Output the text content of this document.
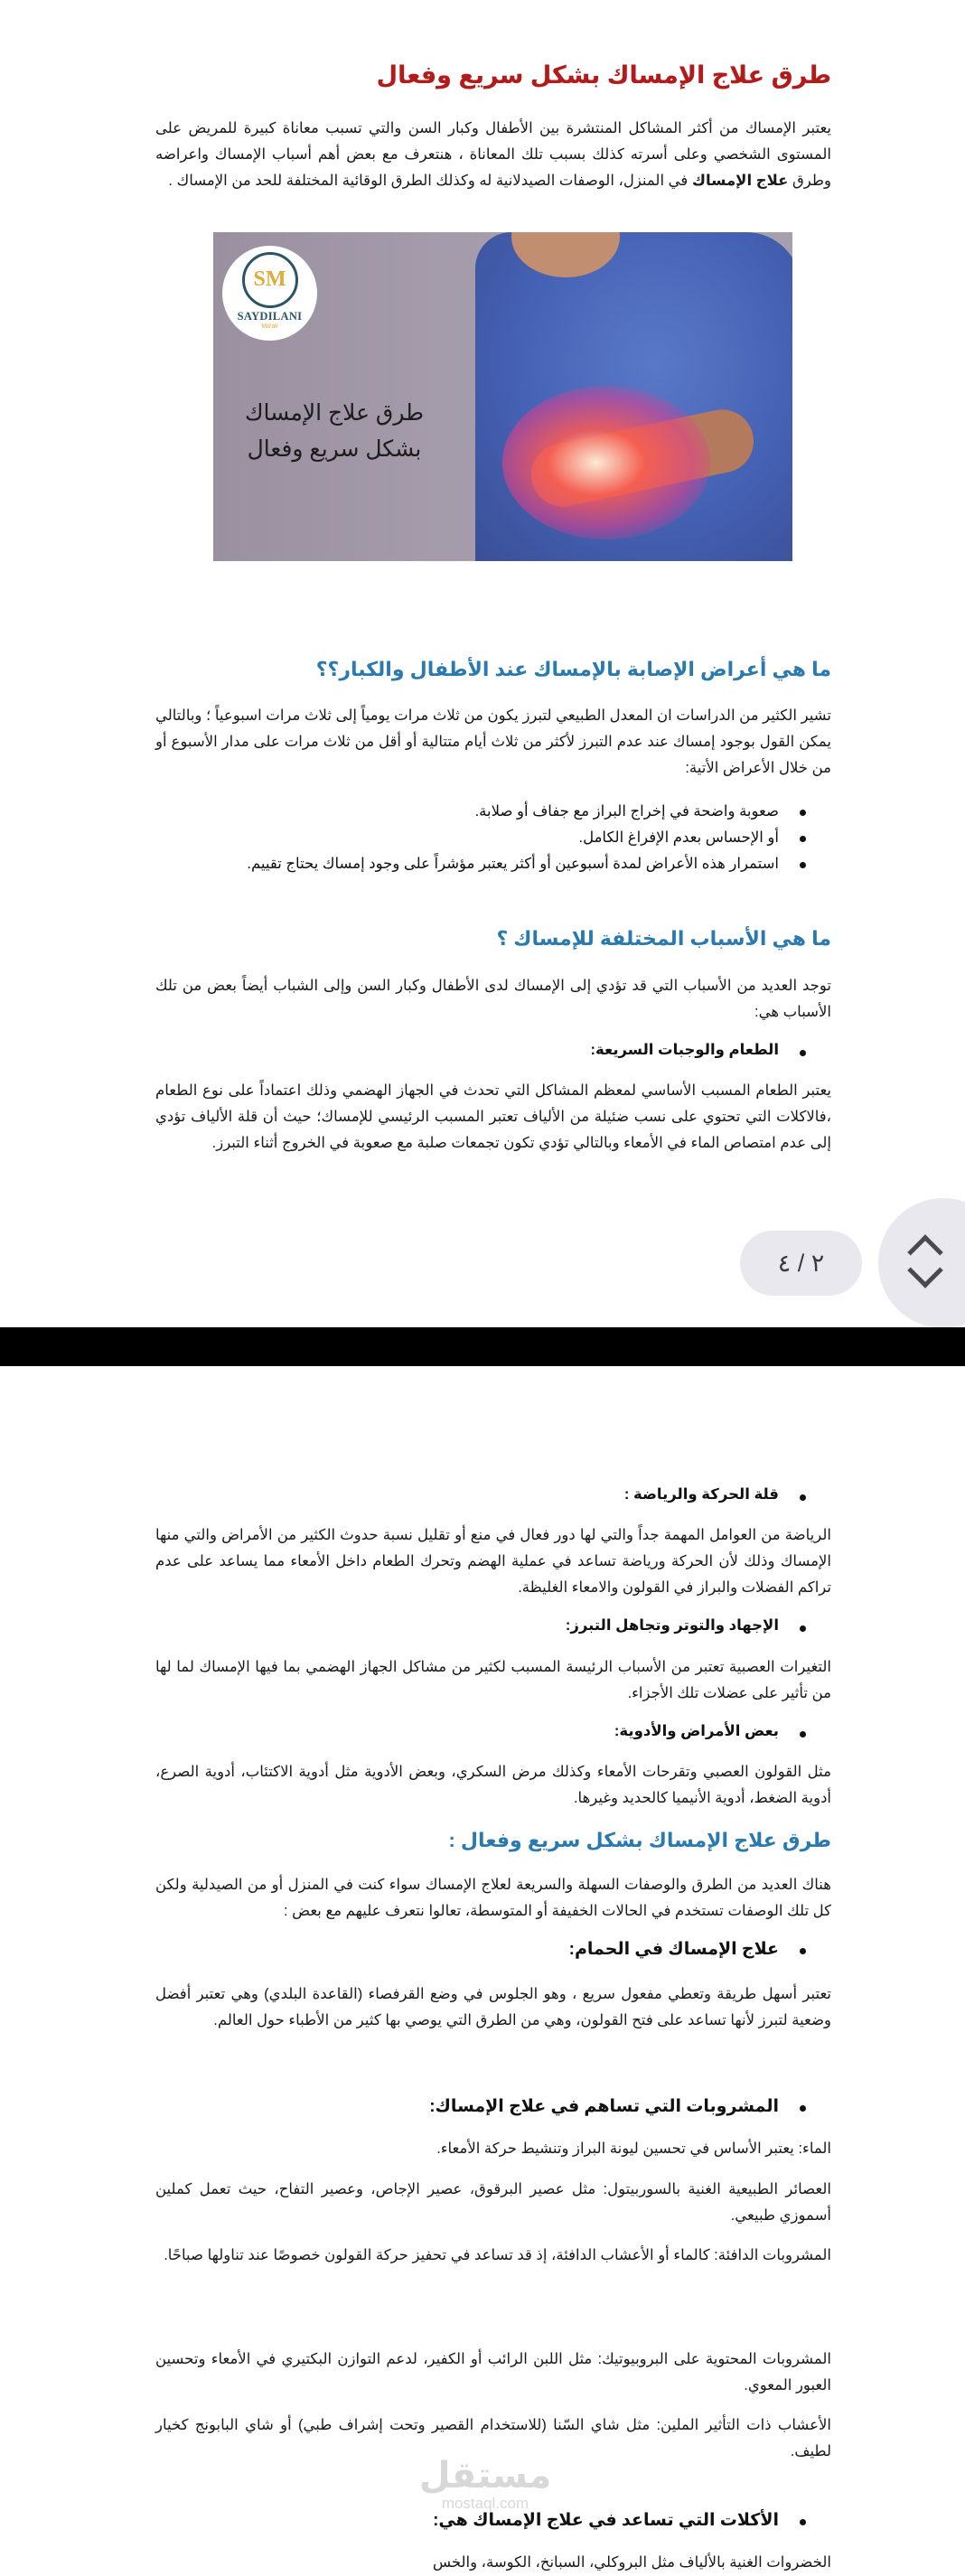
طرق علاج الإمساك بشكل سريع وفعال

يعتبر الإمساك من أكثر المشاكل المنتشرة بين الأطفال وكبار السن والتي تسبب معاناة كبيرة للمريض على المستوى الشخصي وعلى أسرته كذلك بسبب تلك المعاناة ، هنتعرف مع بعض أهم أسباب الإمساك واعراضه وطرق علاج الإمساك في المنزل، الوصفات الصيدلانية له وكذلك الطرق الوقائية المختلفة للحد من الإمساك .

SM
SAYDILANI
Ma'ak
طرق علاج الإمساك بشكل سريع وفعال
ما هي أعراض الإصابة بالإمساك عند الأطفال والكبار؟؟

تشير الكثير من الدراسات ان المعدل الطبيعي لتبرز يكون من ثلاث مرات يومياً إلى ثلاث مرات اسبوعياً ؛ وبالتالي يمكن القول بوجود إمساك عند عدم التبرز لأكثر من ثلاث أيام متتالية أو أقل من ثلاث مرات على مدار الأسبوع أو من خلال الأعراض الأتية:

صعوبة واضحة في إخراج البراز مع جفاف أو صلابة.
أو الإحساس بعدم الإفراغ الكامل.
استمرار هذه الأعراض لمدة أسبوعين أو أكثر يعتبر مؤشراً على وجود إمساك يحتاج تقييم.
ما هي الأسباب المختلفة للإمساك ؟

توجد العديد من الأسباب التي قد تؤدي إلى الإمساك لدى الأطفال وكبار السن وإلى الشباب أيضاً بعض من تلك الأسباب هي:

الطعام والوجبات السريعة:

يعتبر الطعام المسبب الأساسي لمعظم المشاكل التي تحدث في الجهاز الهضمي وذلك اعتماداً على نوع الطعام ،فالاكلات التي تحتوي على نسب ضئيلة من الألياف تعتبر المسبب الرئيسي للإمساك؛ حيث أن قلة الألياف تؤدي إلى عدم امتصاص الماء في الأمعاء وبالتالي تؤدي تكون تجمعات صلبة مع صعوبة في الخروج أثناء التبرز.

٢ / ٤
قلة الحركة والرياضة :

الرياضة من العوامل المهمة جداً والتي لها دور فعال في منع أو تقليل نسبة حدوث الكثير من الأمراض والتي منها الإمساك وذلك لأن الحركة ورياضة تساعد في عملية الهضم وتحرك الطعام داخل الأمعاء مما يساعد على عدم تراكم الفضلات والبراز في القولون والامعاء الغليظة.

الإجهاد والتوتر وتجاهل التبرز:

التغيرات العصبية تعتبر من الأسباب الرئيسة المسبب لكثير من مشاكل الجهاز الهضمي بما فيها الإمساك لما لها من تأثير على عضلات تلك الأجزاء.

بعض الأمراض والأدوية:

مثل القولون العصبي وتقرحات الأمعاء وكذلك مرض السكري، وبعض الأدوية مثل أدوية الاكتئاب، أدوية الصرع، أدوية الضغط، أدوية الأنيميا كالحديد وغيرها.

طرق علاج الإمساك بشكل سريع وفعال :

هناك العديد من الطرق والوصفات السهلة والسريعة لعلاج الإمساك سواء كنت في المنزل أو من الصيدلية ولكن كل تلك الوصفات تستخدم في الحالات الخفيفة أو المتوسطة، تعالوا نتعرف عليهم مع بعض :

علاج الإمساك في الحمام:

تعتبر أسهل طريقة وتعطي مفعول سريع ، وهو الجلوس في وضع القرفصاء (القاعدة البلدي) وهي تعتبر أفضل وضعية لتبرز لأنها تساعد على فتح القولون، وهي من الطرق التي يوصي بها كثير من الأطباء حول العالم.

المشروبات التي تساهم في علاج الإمساك:

الماء: يعتبر الأساس في تحسين ليونة البراز وتنشيط حركة الأمعاء.

العصائر الطبيعية الغنية بالسوربيتول: مثل عصير البرقوق، عصير الإجاص، وعصير التفاح، حيث تعمل كملين أسموزي طبيعي.

المشروبات الدافئة: كالماء أو الأعشاب الدافئة، إذ قد تساعد في تحفيز حركة القولون خصوصًا عند تناولها صباحًا.

المشروبات المحتوية على البروبيوتيك: مثل اللبن الرائب أو الكفير، لدعم التوازن البكتيري في الأمعاء وتحسين العبور المعوي.

الأعشاب ذات التأثير الملين: مثل شاي السّنا (للاستخدام القصير وتحت إشراف طبي) أو شاي البابونج كخيار لطيف.

مستقل
mostaql.com
الأكلات التي تساعد في علاج الإمساك هي:

الخضروات الغنية بالألياف مثل البروكلي، السبانخ، الكوسة، والخس
